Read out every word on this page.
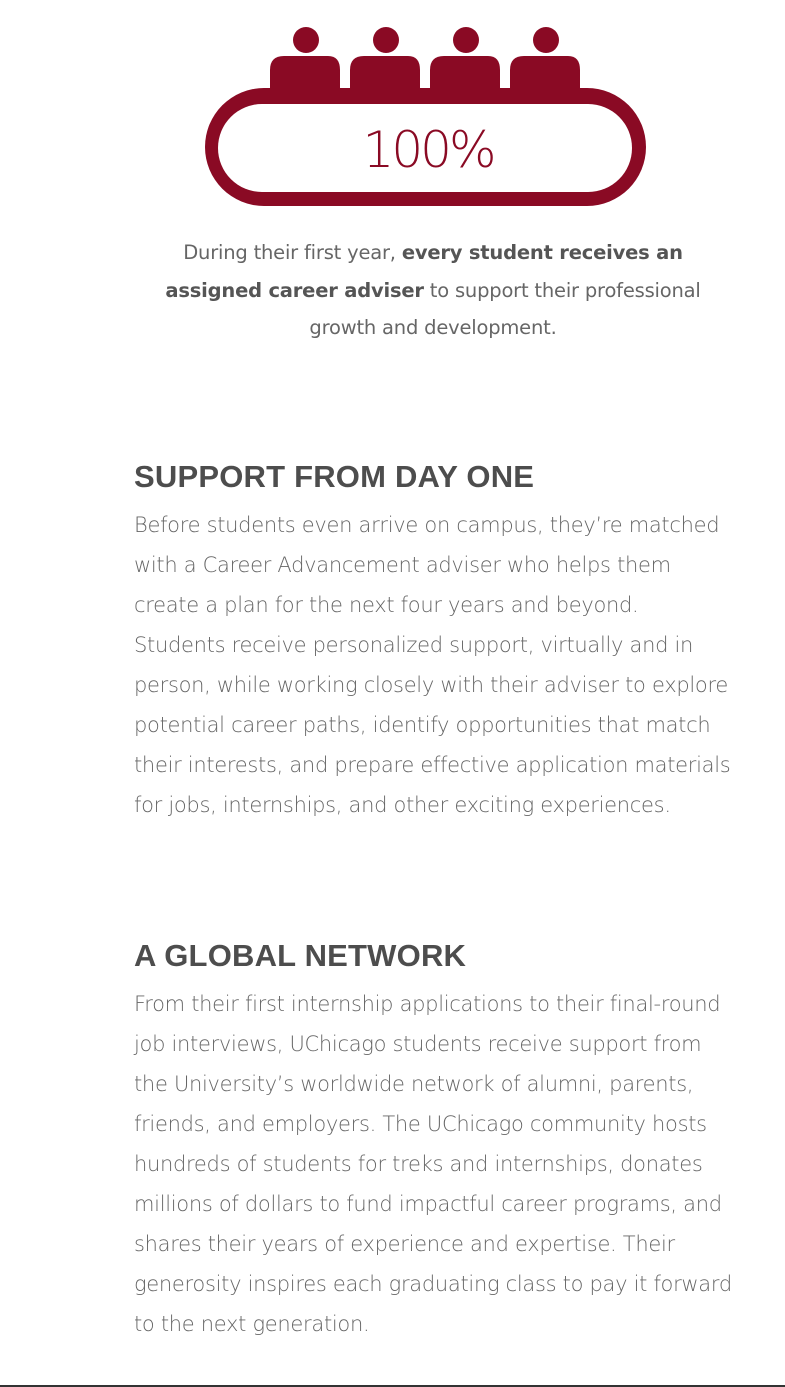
100%

During their first year, every student receives an assigned career adviser to support their professional growth and development.

SUPPORT FROM DAY ONE

Before students even arrive on campus, they’re matched with a Career Advancement adviser who helps them create a plan for the next four years and beyond. Students receive personalized support, virtually and in person, while working closely with their adviser to explore potential career paths, identify opportunities that match their interests, and prepare effective application materials for jobs, internships, and other exciting experiences.

A GLOBAL NETWORK

From their first internship applications to their final-round job interviews, UChicago students receive support from the University’s worldwide network of alumni, parents, friends, and employers. The UChicago community hosts hundreds of students for treks and internships, donates millions of dollars to fund impactful career programs, and shares their years of experience and expertise. Their generosity inspires each graduating class to pay it forward to the next generation.
